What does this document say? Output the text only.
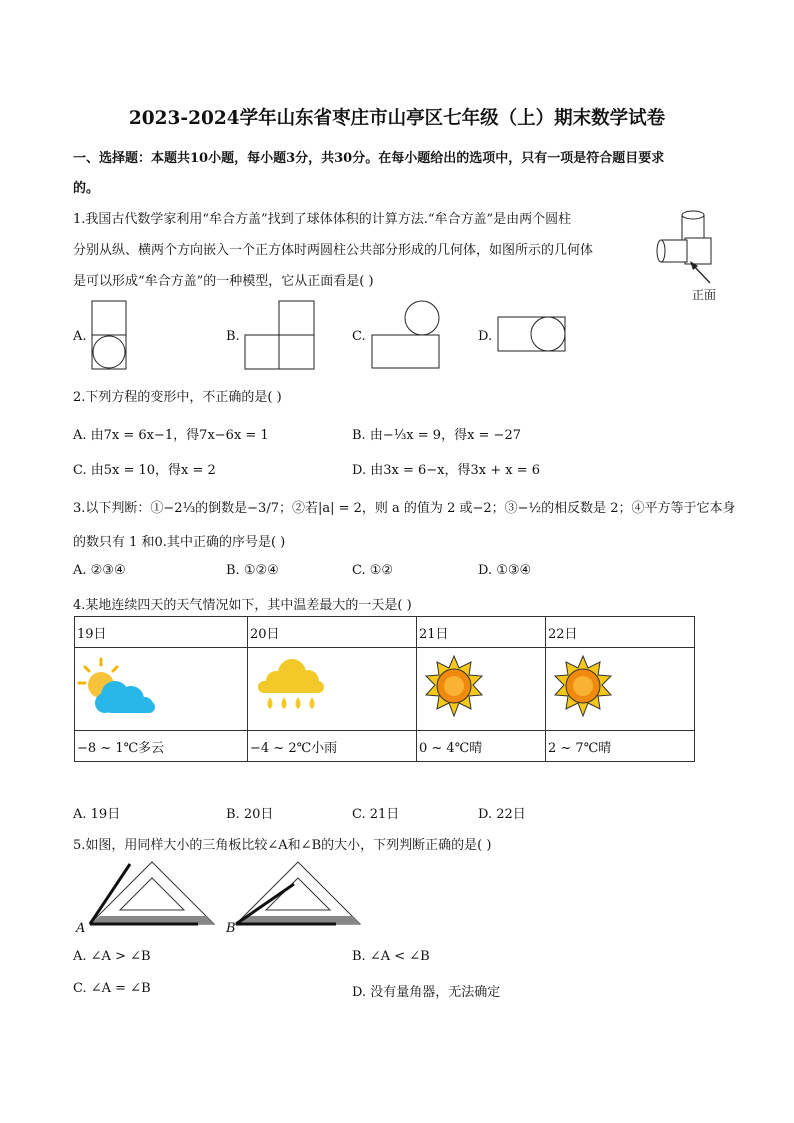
2023-2024学年山东省枣庄市山亭区七年级（上）期末数学试卷
一、选择题：本题共10小题，每小题3分，共30分。在每小题给出的选项中，只有一项是符合题目要求
的。
1.我国古代数学家利用“牟合方盖”找到了球体体积的计算方法.“牟合方盖”是由两个圆柱
分别从纵、横两个方向嵌入一个正方体时两圆柱公共部分形成的几何体，如图所示的几何体
是可以形成“牟合方盖”的一种模型，它从正面看是( )
正面
A.	B.	C.	D.
2.下列方程的变形中，不正确的是( )
A. 由7x = 6x−1，得7x−6x = 1	B. 由−⅓x = 9，得x = −27
C. 由5x = 10，得x = 2	D. 由3x = 6−x，得3x + x = 6
3.以下判断：①−2⅓的倒数是−3/7；②若|a| = 2，则 a 的值为 2 或−2；③−½的相反数是 2；④平方等于它本身
的数只有 1 和0.其中正确的序号是( )
A. ②③④	B. ①②④	C. ①②	D. ①③④
4.某地连续四天的天气情况如下，其中温差最大的一天是( )
19日	20日	21日	22日

−8 ~ 1℃多云	−4 ~ 2℃小雨	0 ~ 4℃晴	2 ~ 7℃晴
A. 19日	B. 20日	C. 21日	D. 22日
5.如图，用同样大小的三角板比较∠A和∠B的大小，下列判断正确的是( )
A	B
A. ∠A > ∠B	B. ∠A < ∠B
C. ∠A = ∠B	D. 没有量角器，无法确定
